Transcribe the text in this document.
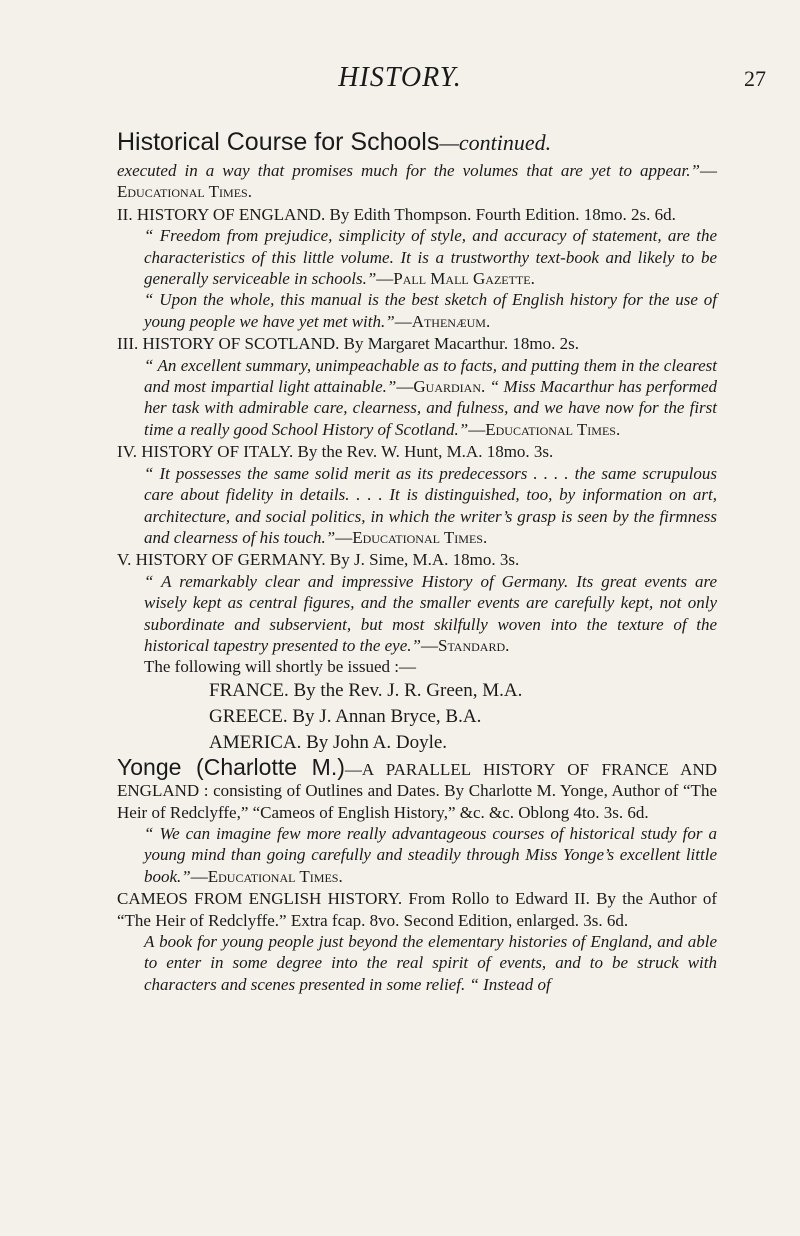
HISTORY.	27
Historical Course for Schools—continued.

executed in a way that promises much for the volumes that are yet to appear.”—Educational Times.

II. HISTORY OF ENGLAND. By Edith Thompson. Fourth Edition. 18mo. 2s. 6d.

“ Freedom from prejudice, simplicity of style, and accuracy of statement, are the characteristics of this little volume. It is a trustworthy text-book and likely to be generally serviceable in schools.”—Pall Mall Gazette.

“ Upon the whole, this manual is the best sketch of English history for the use of young people we have yet met with.”—Athenæum.

III. HISTORY OF SCOTLAND. By Margaret Macarthur. 18mo. 2s.

“ An excellent summary, unimpeachable as to facts, and putting them in the clearest and most impartial light attainable.”—Guardian. “ Miss Macarthur has performed her task with admirable care, clearness, and fulness, and we have now for the first time a really good School History of Scotland.”—Educational Times.

IV. HISTORY OF ITALY. By the Rev. W. Hunt, M.A. 18mo. 3s.

“ It possesses the same solid merit as its predecessors . . . . the same scrupulous care about fidelity in details. . . . It is distinguished, too, by information on art, architecture, and social politics, in which the writer’s grasp is seen by the firmness and clearness of his touch.”—Educational Times.

V. HISTORY OF GERMANY. By J. Sime, M.A. 18mo. 3s.

“ A remarkably clear and impressive History of Germany. Its great events are wisely kept as central figures, and the smaller events are carefully kept, not only subordinate and subservient, but most skilfully woven into the texture of the historical tapestry presented to the eye.”—Standard.

The following will shortly be issued :—

FRANCE. By the Rev. J. R. Green, M.A.

GREECE. By J. Annan Bryce, B.A.

AMERICA. By John A. Doyle.

Yonge (Charlotte M.)—A PARALLEL HISTORY OF FRANCE AND ENGLAND : consisting of Outlines and Dates. By Charlotte M. Yonge, Author of “The Heir of Redclyffe,” “Cameos of English History,” &c. &c. Oblong 4to. 3s. 6d.

“ We can imagine few more really advantageous courses of historical study for a young mind than going carefully and steadily through Miss Yonge’s excellent little book.”—Educational Times.

CAMEOS FROM ENGLISH HISTORY. From Rollo to Edward II. By the Author of “The Heir of Redclyffe.” Extra fcap. 8vo. Second Edition, enlarged. 3s. 6d.

A book for young people just beyond the elementary histories of England, and able to enter in some degree into the real spirit of events, and to be struck with characters and scenes presented in some relief. “ Instead of
